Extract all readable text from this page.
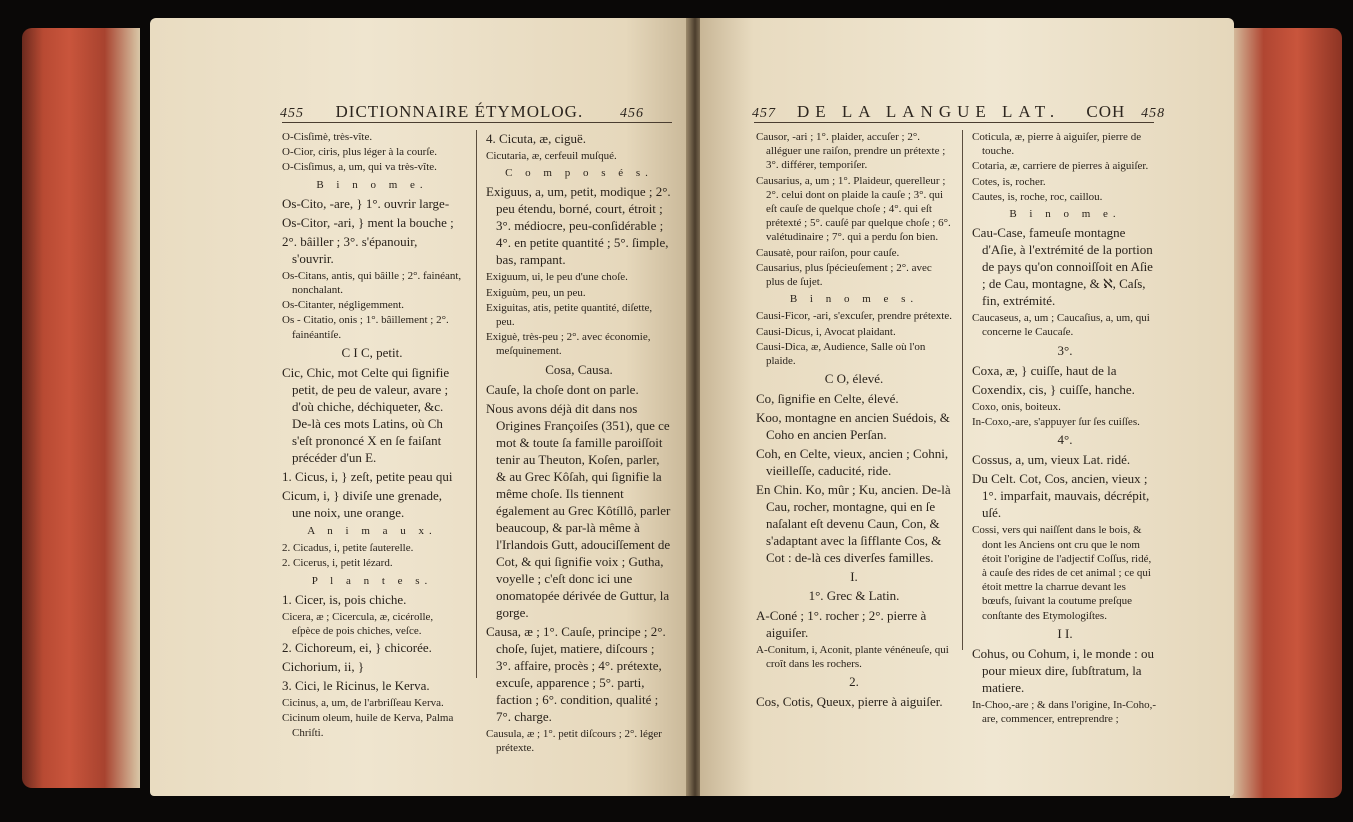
455 DICTIONNAIRE ÉTYMOLOG.	456

O-Cisſimè, très-vîte.

O-Cior, ciris, plus léger à la courſe.

O-Cisſimus, a, um, qui va très-vîte.

B i n o m e.

Os-Cito, -are, } 1°. ouvrir large-

Os-Citor, -ari, } ment la bouche ;

2°. bâiller ; 3°. s'épanouir, s'ouvrir.

Os-Citans, antis, qui bâille ; 2°. fainéant, nonchalant.

Os-Citanter, négligemment.

Os - Citatio, onis ; 1°. bâillement ; 2°. fainéantiſe.

C I C, petit.

Cic, Chic, mot Celte qui ſignifie petit, de peu de valeur, avare ; d'où chiche, déchiqueter, &c. De-là ces mots Latins, où Ch s'eſt prononcé X en ſe faiſant précéder d'un E.

1. Cicus, i, } zeſt, petite peau qui

Cicum, i, } diviſe une grenade, une noix, une orange.

A n i m a u x.

2. Cicadus, i, petite ſauterelle.

2. Cicerus, i, petit lézard.

P l a n t e s.

1. Cicer, is, pois chiche.

Cicera, æ ; Cicercula, æ, cicérolle, eſpèce de pois chiches, veſce.

2. Cichoreum, ei, } chicorée.

Cichorium, ii, }

3. Cici, le Ricinus, le Kerva.

Cicinus, a, um, de l'arbriſſeau Kerva.

Cicinum oleum, huile de Kerva, Palma Chriſti.

4. Cicuta, æ, ciguë.

Cicutaria, æ, cerfeuil muſqué.

C o m p o s é s.

Exiguus, a, um, petit, modique ; 2°. peu étendu, borné, court, étroit ; 3°. médiocre, peu-conſidérable ; 4°. en petite quantité ; 5°. ſimple, bas, rampant.

Exiguum, ui, le peu d'une choſe.

Exiguùm, peu, un peu.

Exiguitas, atis, petite quantité, diſette, peu.

Exiguè, très-peu ; 2°. avec économie, meſquinement.

Cosa, Causa.

Cauſe, la choſe dont on parle.

Nous avons déjà dit dans nos Origines Françoiſes (351), que ce mot & toute ſa famille paroiſſoit tenir au Theuton, Koſen, parler, & au Grec Kôſah, qui ſignifie la même choſe. Ils tiennent également au Grec Kôtíllô, parler beaucoup, & par-là même à l'Irlandois Gutt, adouciſſement de Cot, & qui ſignifie voix ; Gutha, voyelle ; c'eſt donc ici une onomatopée dérivée de Guttur, la gorge.

Causa, æ ; 1°. Cauſe, principe ; 2°. choſe, ſujet, matiere, diſcours ; 3°. affaire, procès ; 4°. prétexte, excuſe, apparence ; 5°. parti, faction ; 6°. condition, qualité ; 7°. charge.

Causula, æ ; 1°. petit diſcours ; 2°. léger prétexte.

457 DE LA LANGUE LAT. COH 458

Causor, -ari ; 1°. plaider, accuſer ; 2°. alléguer une raiſon, prendre un prétexte ; 3°. différer, temporiſer.

Causarius, a, um ; 1°. Plaideur, querelleur ; 2°. celui dont on plaide la cauſe ; 3°. qui eſt cauſe de quelque choſe ; 4°. qui eſt prétexté ; 5°. cauſé par quelque choſe ; 6°. valétudinaire ; 7°. qui a perdu ſon bien.

Causatè, pour raiſon, pour cauſe.

Causarius, plus ſpécieuſement ; 2°. avec plus de ſujet.

B i n o m e s.

Causi-Ficor, -ari, s'excuſer, prendre prétexte.

Causi-Dicus, i, Avocat plaidant.

Causi-Dica, æ, Audience, Salle où l'on plaide.

C O, élevé.

Co, ſignifie en Celte, élevé.

Koo, montagne en ancien Suédois, & Coho en ancien Perſan.

Coh, en Celte, vieux, ancien ; Cohni, vieilleſſe, caducité, ride.

En Chin. Ko, mûr ; Ku, ancien. De-là Cau, rocher, montagne, qui en ſe naſalant eſt devenu Caun, Con, & s'adaptant avec la ſifflante Cos, & Cot : de-là ces diverſes familles.

I.

1°. Grec & Latin.

A-Coné ; 1°. rocher ; 2°. pierre à aiguiſer.

A-Conitum, i, Aconit, plante vénéneuſe, qui croît dans les rochers.

2.

Cos, Cotis, Queux, pierre à aiguiſer.

Coticula, æ, pierre à aiguiſer, pierre de touche.

Cotaria, æ, carriere de pierres à aiguiſer.

Cotes, is, rocher.

Cautes, is, roche, roc, caillou.

B i n o m e.

Cau-Case, fameuſe montagne d'Aſie, à l'extrémité de la portion de pays qu'on connoiſſoit en Aſie ; de Cau, montagne, & ℵ, Caſs, fin, extrémité.

Caucaseus, a, um ; Caucaſius, a, um, qui concerne le Caucaſe.

3°.

Coxa, æ, } cuiſſe, haut de la

Coxendix, cis, } cuiſſe, hanche.

Coxo, onis, boiteux.

In-Coxo,-are, s'appuyer ſur ſes cuiſſes.

4°.

Cossus, a, um, vieux Lat. ridé.

Du Celt. Cot, Cos, ancien, vieux ; 1°. imparfait, mauvais, décrépit, uſé.

Cossi, vers qui naiſſent dans le bois, & dont les Anciens ont cru que le nom étoit l'origine de l'adjectif Coſſus, ridé, à cauſe des rides de cet animal ; ce qui étoit mettre la charrue devant les bœufs, ſuivant la coutume preſque conſtante des Etymologiſtes.

I I.

Cohus, ou Cohum, i, le monde : ou pour mieux dire, ſubſtratum, la matiere.

In-Choo,-are ; & dans l'origine, In-Coho,-are, commencer, entreprendre ;
